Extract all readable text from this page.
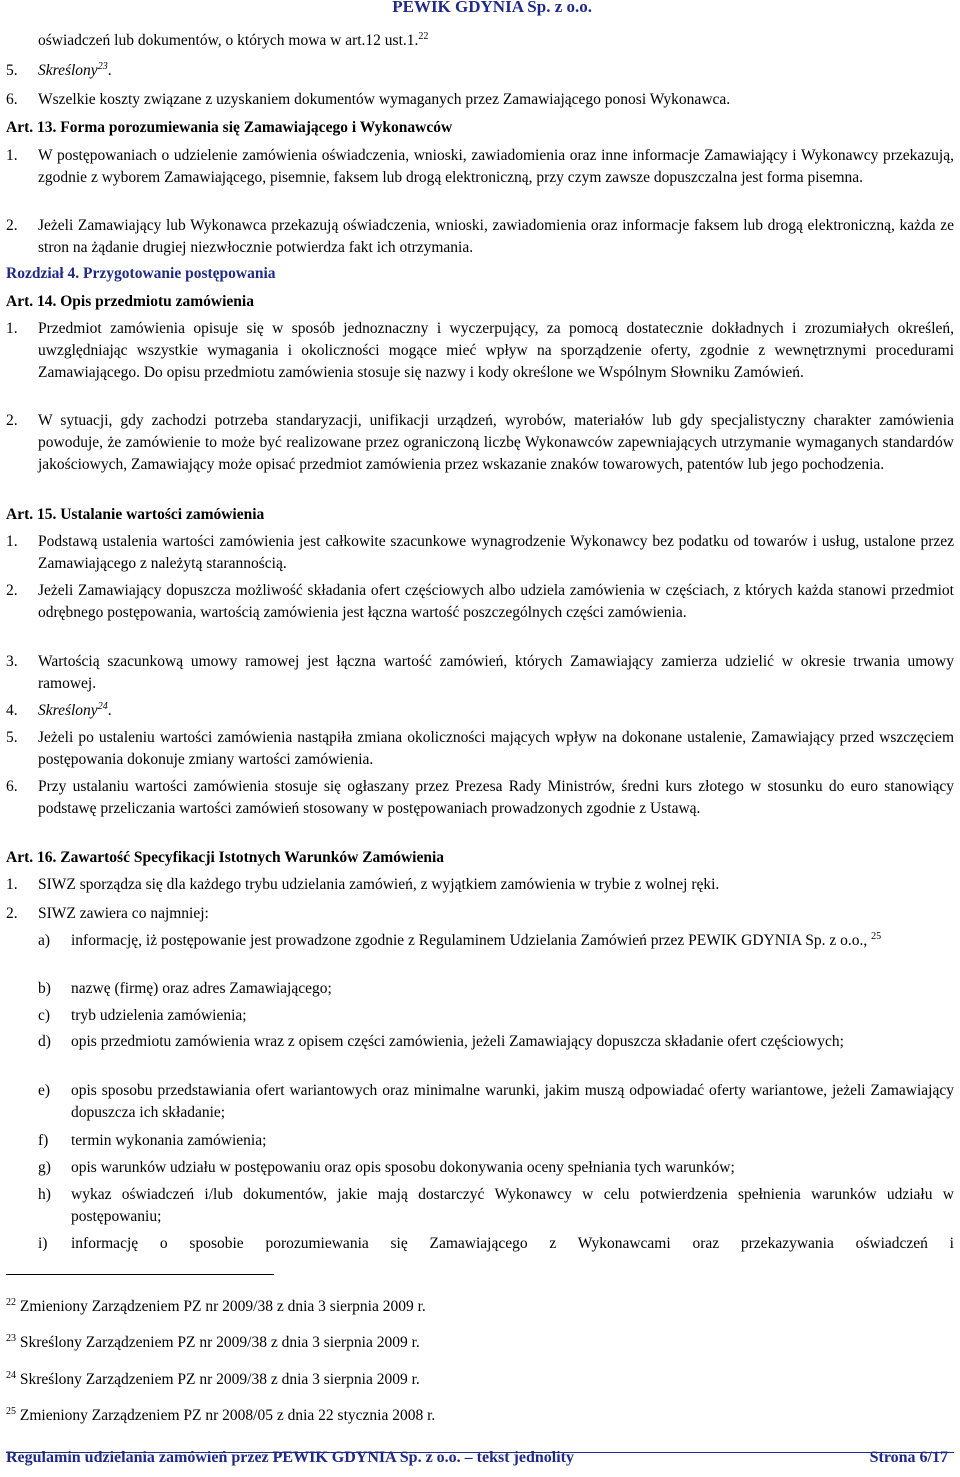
PEWIK GDYNIA Sp. z o.o.
oświadczeń lub dokumentów, o których mowa w art.12 ust.1.22
5. Skreślony$^{23}$.
6. Wszelkie koszty związane z uzyskaniem dokumentów wymaganych przez Zamawiającego ponosi Wykonawca.
Art. 13. Forma porozumiewania się Zamawiającego i Wykonawców
1. W postępowaniach o udzielenie zamówienia oświadczenia, wnioski, zawiadomienia oraz inne informacje Zamawiający i Wykonawcy przekazują, zgodnie z wyborem Zamawiającego, pisemnie, faksem lub drogą elektroniczną, przy czym zawsze dopuszczalna jest forma pisemna.
2. Jeżeli Zamawiający lub Wykonawca przekazują oświadczenia, wnioski, zawiadomienia oraz informacje faksem lub drogą elektroniczną, każda ze stron na żądanie drugiej niezwłocznie potwierdza fakt ich otrzymania.
Rozdział 4. Przygotowanie postępowania
Art. 14. Opis przedmiotu zamówienia
1. Przedmiot zamówienia opisuje się w sposób jednoznaczny i wyczerpujący, za pomocą dostatecznie dokładnych i zrozumiałych określeń, uwzględniając wszystkie wymagania i okoliczności mogące mieć wpływ na sporządzenie oferty, zgodnie z wewnętrznymi procedurami Zamawiającego. Do opisu przedmiotu zamówienia stosuje się nazwy i kody określone we Wspólnym Słowniku Zamówień.
2. W sytuacji, gdy zachodzi potrzeba standaryzacji, unifikacji urządzeń, wyrobów, materiałów lub gdy specjalistyczny charakter zamówienia powoduje, że zamówienie to może być realizowane przez ograniczoną liczbę Wykonawców zapewniających utrzymanie wymaganych standardów jakościowych, Zamawiający może opisać przedmiot zamówienia przez wskazanie znaków towarowych, patentów lub jego pochodzenia.
Art. 15. Ustalanie wartości zamówienia
1. Podstawą ustalenia wartości zamówienia jest całkowite szacunkowe wynagrodzenie Wykonawcy bez podatku od towarów i usług, ustalone przez Zamawiającego z należytą starannością.
2. Jeżeli Zamawiający dopuszcza możliwość składania ofert częściowych albo udziela zamówienia w częściach, z których każda stanowi przedmiot odrębnego postępowania, wartością zamówienia jest łączna wartość poszczególnych części zamówienia.
3. Wartością szacunkową umowy ramowej jest łączna wartość zamówień, których Zamawiający zamierza udzielić w okresie trwania umowy ramowej.
4. Skreślony$^{24}$.
5. Jeżeli po ustaleniu wartości zamówienia nastąpiła zmiana okoliczności mających wpływ na dokonane ustalenie, Zamawiający przed wszczęciem postępowania dokonuje zmiany wartości zamówienia.
6. Przy ustalaniu wartości zamówienia stosuje się ogłaszany przez Prezesa Rady Ministrów, średni kurs złotego w stosunku do euro stanowiący podstawę przeliczania wartości zamówień stosowany w postępowaniach prowadzonych zgodnie z Ustawą.
Art. 16. Zawartość Specyfikacji Istotnych Warunków Zamówienia
1. SIWZ sporządza się dla każdego trybu udzielania zamówień, z wyjątkiem zamówienia w trybie z wolnej ręki.
2. SIWZ zawiera co najmniej:
a) informację, iż postępowanie jest prowadzone zgodnie z Regulaminem Udzielania Zamówień przez PEWIK GDYNIA Sp. z o.o., $^{25}$
b) nazwę (firmę) oraz adres Zamawiającego;
c) tryb udzielenia zamówienia;
d) opis przedmiotu zamówienia wraz z opisem części zamówienia, jeżeli Zamawiający dopuszcza składanie ofert częściowych;
e) opis sposobu przedstawiania ofert wariantowych oraz minimalne warunki, jakim muszą odpowiadać oferty wariantowe, jeżeli Zamawiający dopuszcza ich składanie;
f) termin wykonania zamówienia;
g) opis warunków udziału w postępowaniu oraz opis sposobu dokonywania oceny spełniania tych warunków;
h) wykaz oświadczeń i/lub dokumentów, jakie mają dostarczyć Wykonawcy w celu potwierdzenia spełnienia warunków udziału w postępowaniu;
i) informację o sposobie porozumiewania się Zamawiającego z Wykonawcami oraz przekazywania oświadczeń i
$^{22}$ Zmieniony Zarządzeniem PZ nr 2009/38 z dnia 3 sierpnia 2009 r.
$^{23}$ Skreślony Zarządzeniem PZ nr 2009/38 z dnia 3 sierpnia 2009 r.
$^{24}$ Skreślony Zarządzeniem PZ nr 2009/38 z dnia 3 sierpnia 2009 r.
$^{25}$ Zmieniony Zarządzeniem PZ nr 2008/05 z dnia 22 stycznia 2008 r.
Regulamin udzielania zamówień przez PEWIK GDYNIA Sp. z o.o. – tekst jednolity	Strona 6/17
